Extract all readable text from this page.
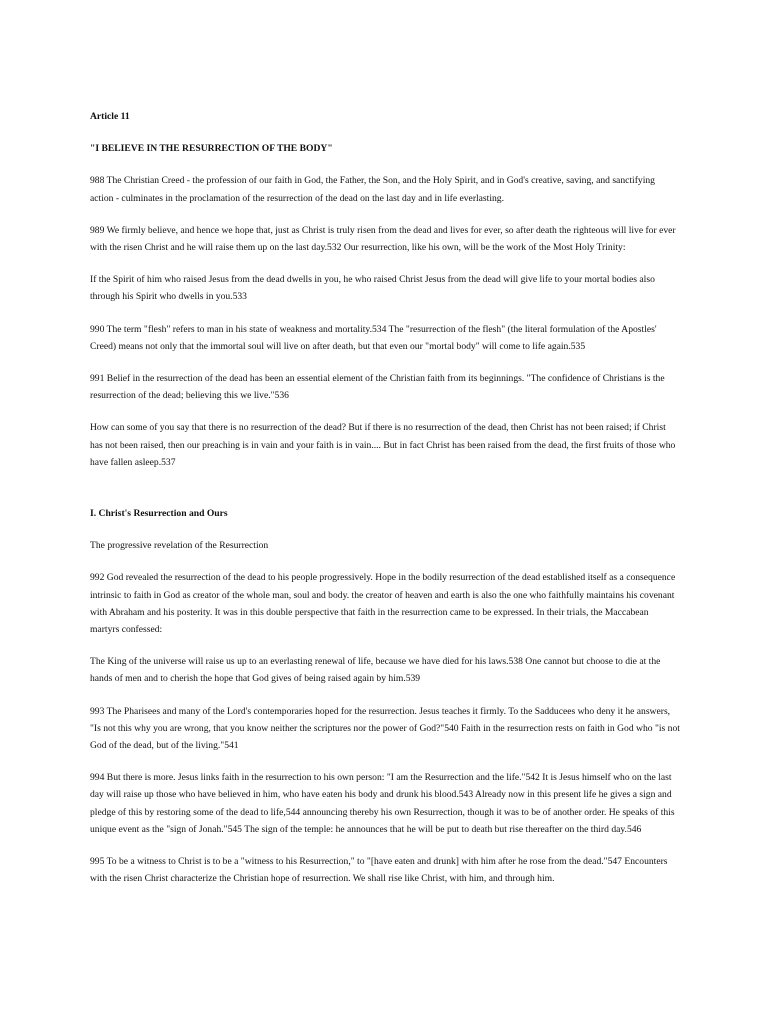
Article 11
"I BELIEVE IN THE RESURRECTION OF THE BODY"
988 The Christian Creed - the profession of our faith in God, the Father, the Son, and the Holy Spirit, and in God's creative, saving, and sanctifying action - culminates in the proclamation of the resurrection of the dead on the last day and in life everlasting.
989 We firmly believe, and hence we hope that, just as Christ is truly risen from the dead and lives for ever, so after death the righteous will live for ever with the risen Christ and he will raise them up on the last day.532 Our resurrection, like his own, will be the work of the Most Holy Trinity:
If the Spirit of him who raised Jesus from the dead dwells in you, he who raised Christ Jesus from the dead will give life to your mortal bodies also through his Spirit who dwells in you.533
990 The term "flesh" refers to man in his state of weakness and mortality.534 The "resurrection of the flesh" (the literal formulation of the Apostles' Creed) means not only that the immortal soul will live on after death, but that even our "mortal body" will come to life again.535
991 Belief in the resurrection of the dead has been an essential element of the Christian faith from its beginnings. "The confidence of Christians is the resurrection of the dead; believing this we live."536
How can some of you say that there is no resurrection of the dead? But if there is no resurrection of the dead, then Christ has not been raised; if Christ has not been raised, then our preaching is in vain and your faith is in vain.... But in fact Christ has been raised from the dead, the first fruits of those who have fallen asleep.537
I. Christ's Resurrection and Ours
The progressive revelation of the Resurrection
992 God revealed the resurrection of the dead to his people progressively. Hope in the bodily resurrection of the dead established itself as a consequence intrinsic to faith in God as creator of the whole man, soul and body. the creator of heaven and earth is also the one who faithfully maintains his covenant with Abraham and his posterity. It was in this double perspective that faith in the resurrection came to be expressed. In their trials, the Maccabean martyrs confessed:
The King of the universe will raise us up to an everlasting renewal of life, because we have died for his laws.538 One cannot but choose to die at the hands of men and to cherish the hope that God gives of being raised again by him.539
993 The Pharisees and many of the Lord's contemporaries hoped for the resurrection. Jesus teaches it firmly. To the Sadducees who deny it he answers, "Is not this why you are wrong, that you know neither the scriptures nor the power of God?"540 Faith in the resurrection rests on faith in God who "is not God of the dead, but of the living."541
994 But there is more. Jesus links faith in the resurrection to his own person: "I am the Resurrection and the life."542 It is Jesus himself who on the last day will raise up those who have believed in him, who have eaten his body and drunk his blood.543 Already now in this present life he gives a sign and pledge of this by restoring some of the dead to life,544 announcing thereby his own Resurrection, though it was to be of another order. He speaks of this unique event as the "sign of Jonah."545 The sign of the temple: he announces that he will be put to death but rise thereafter on the third day.546
995 To be a witness to Christ is to be a "witness to his Resurrection," to "[have eaten and drunk] with him after he rose from the dead."547 Encounters with the risen Christ characterize the Christian hope of resurrection. We shall rise like Christ, with him, and through him.
